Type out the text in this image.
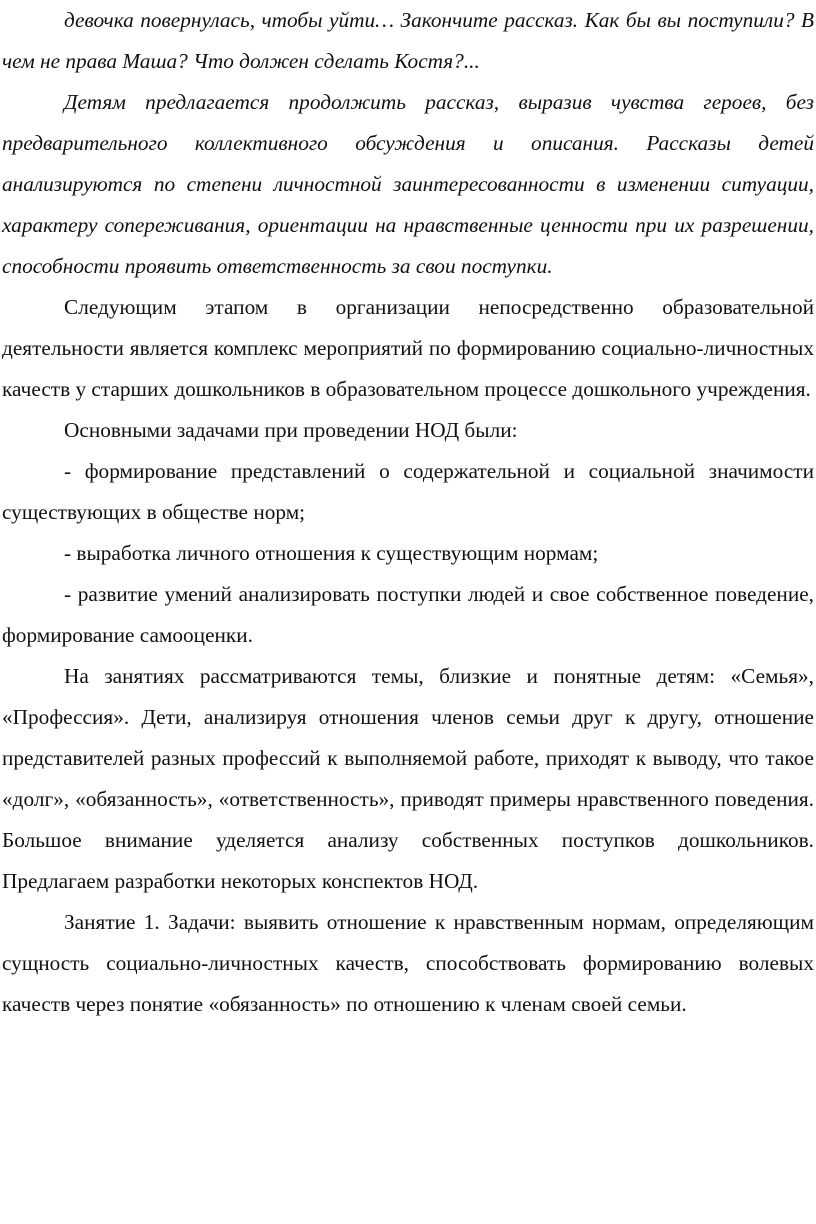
девочка повернулась, чтобы уйти… Закончите рассказ. Как бы вы поступили? В чем не права Маша? Что должен сделать Костя?...

Детям предлагается продолжить рассказ, выразив чувства героев, без предварительного коллективного обсуждения и описания. Рассказы детей анализируются по степени личностной заинтересованности в изменении ситуации, характеру сопереживания, ориентации на нравственные ценности при их разрешении, способности проявить ответственность за свои поступки.

Следующим этапом в организации непосредственно образовательной деятельности является комплекс мероприятий по формированию социально-личностных качеств у старших дошкольников в образовательном процессе дошкольного учреждения.

Основными задачами при проведении НОД были:

- формирование представлений о содержательной и социальной значимости существующих в обществе норм;

- выработка личного отношения к существующим нормам;

- развитие умений анализировать поступки людей и свое собственное поведение, формирование самооценки.

На занятиях рассматриваются темы, близкие и понятные детям: «Семья», «Профессия». Дети, анализируя отношения членов семьи друг к другу, отношение представителей разных профессий к выполняемой работе, приходят к выводу, что такое «долг», «обязанность», «ответственность», приводят примеры нравственного поведения. Большое внимание уделяется анализу собственных поступков дошкольников. Предлагаем разработки некоторых конспектов НОД.

Занятие 1. Задачи: выявить отношение к нравственным нормам, определяющим сущность социально-личностных качеств, способствовать формированию волевых качеств через понятие «обязанность» по отношению к членам своей семьи.
